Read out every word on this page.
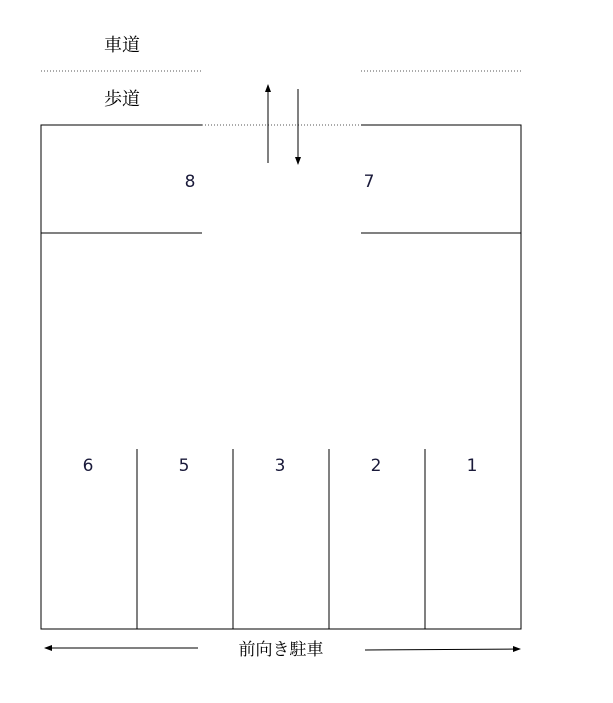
車道
歩道
8	7
6	5	3	2	1
前向き駐車
